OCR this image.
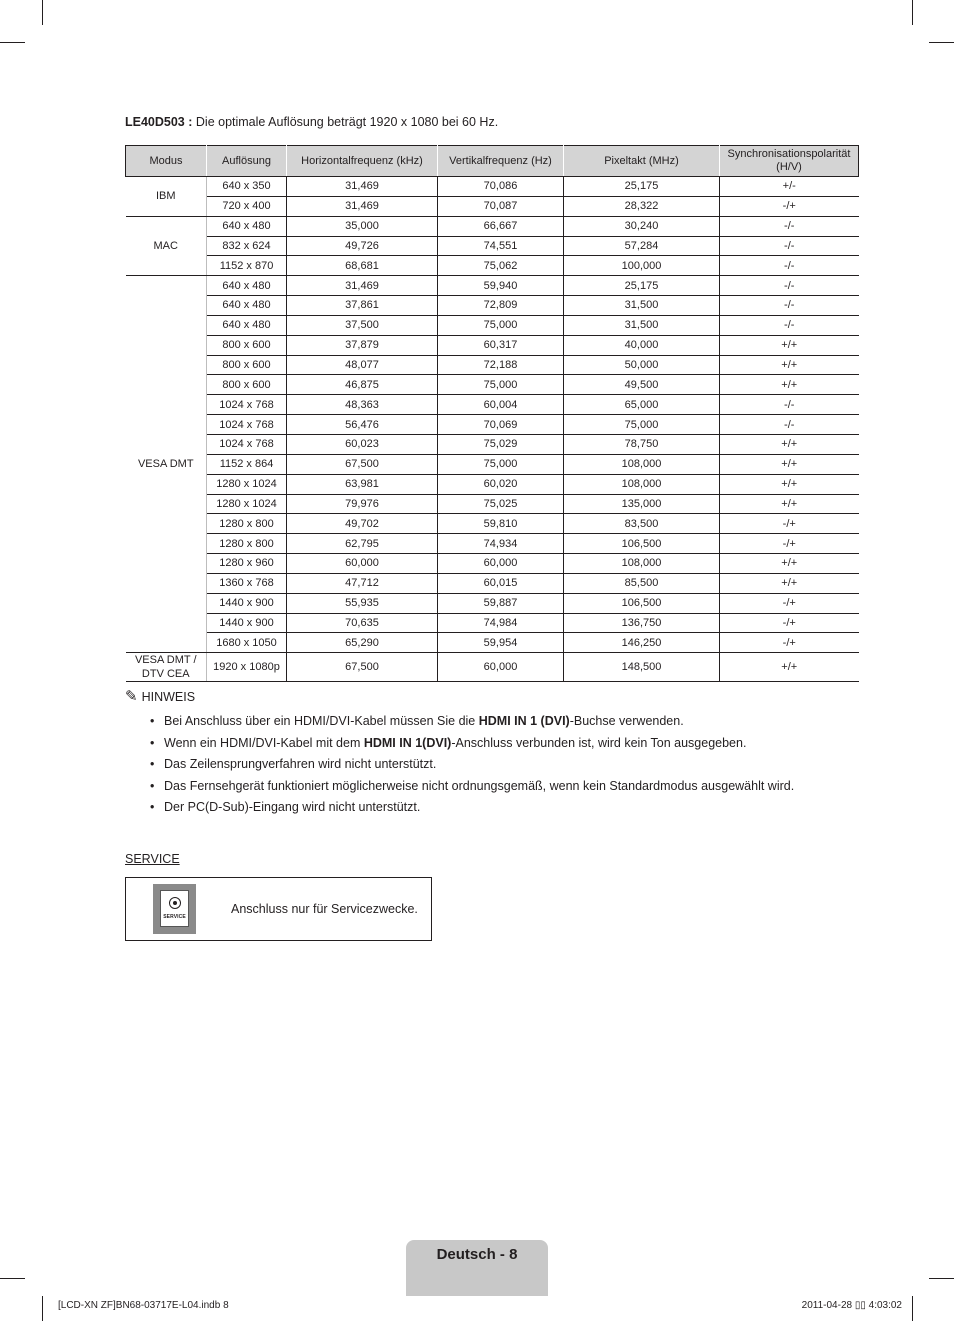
LE40D503 : Die optimale Auflösung beträgt 1920 x 1080 bei 60 Hz.
Modus	Auflösung	Horizontalfrequenz (kHz)	Vertikalfrequenz (Hz)	Pixeltakt (MHz)	Synchronisationspolarität (H/V)
IBM	640 x 350	31,469	70,086	25,175	+/-
	720 x 400	31,469	70,087	28,322	-/+
MAC	640 x 480	35,000	66,667	30,240	-/-
	832 x 624	49,726	74,551	57,284	-/-
	1152 x 870	68,681	75,062	100,000	-/-
VESA DMT	640 x 480	31,469	59,940	25,175	-/-
	640 x 480	37,861	72,809	31,500	-/-
	640 x 480	37,500	75,000	31,500	-/-
	800 x 600	37,879	60,317	40,000	+/+
	800 x 600	48,077	72,188	50,000	+/+
	800 x 600	46,875	75,000	49,500	+/+
	1024 x 768	48,363	60,004	65,000	-/-
	1024 x 768	56,476	70,069	75,000	-/-
	1024 x 768	60,023	75,029	78,750	+/+
	1152 x 864	67,500	75,000	108,000	+/+
	1280 x 1024	63,981	60,020	108,000	+/+
	1280 x 1024	79,976	75,025	135,000	+/+
	1280 x 800	49,702	59,810	83,500	-/+
	1280 x 800	62,795	74,934	106,500	-/+
	1280 x 960	60,000	60,000	108,000	+/+
	1360 x 768	47,712	60,015	85,500	+/+
	1440 x 900	55,935	59,887	106,500	-/+
	1440 x 900	70,635	74,984	136,750	-/+
	1680 x 1050	65,290	59,954	146,250	-/+
VESA DMT / DTV CEA	1920 x 1080p	67,500	60,000	148,500	+/+
✎ HINWEIS
• Bei Anschluss über ein HDMI/DVI-Kabel müssen Sie die HDMI IN 1 (DVI)-Buchse verwenden.
• Wenn ein HDMI/DVI-Kabel mit dem HDMI IN 1(DVI)-Anschluss verbunden ist, wird kein Ton ausgegeben.
• Das Zeilensprungverfahren wird nicht unterstützt.
• Das Fernsehgerät funktioniert möglicherweise nicht ordnungsgemäß, wenn kein Standardmodus ausgewählt wird.
• Der PC(D-Sub)-Eingang wird nicht unterstützt.
SERVICE
SERVICE
Anschluss nur für Servicezwecke.
Deutsch - 8
[LCD-XN ZF]BN68-03717E-L04.indb 8	2011-04-28 ▯▯ 4:03:02
